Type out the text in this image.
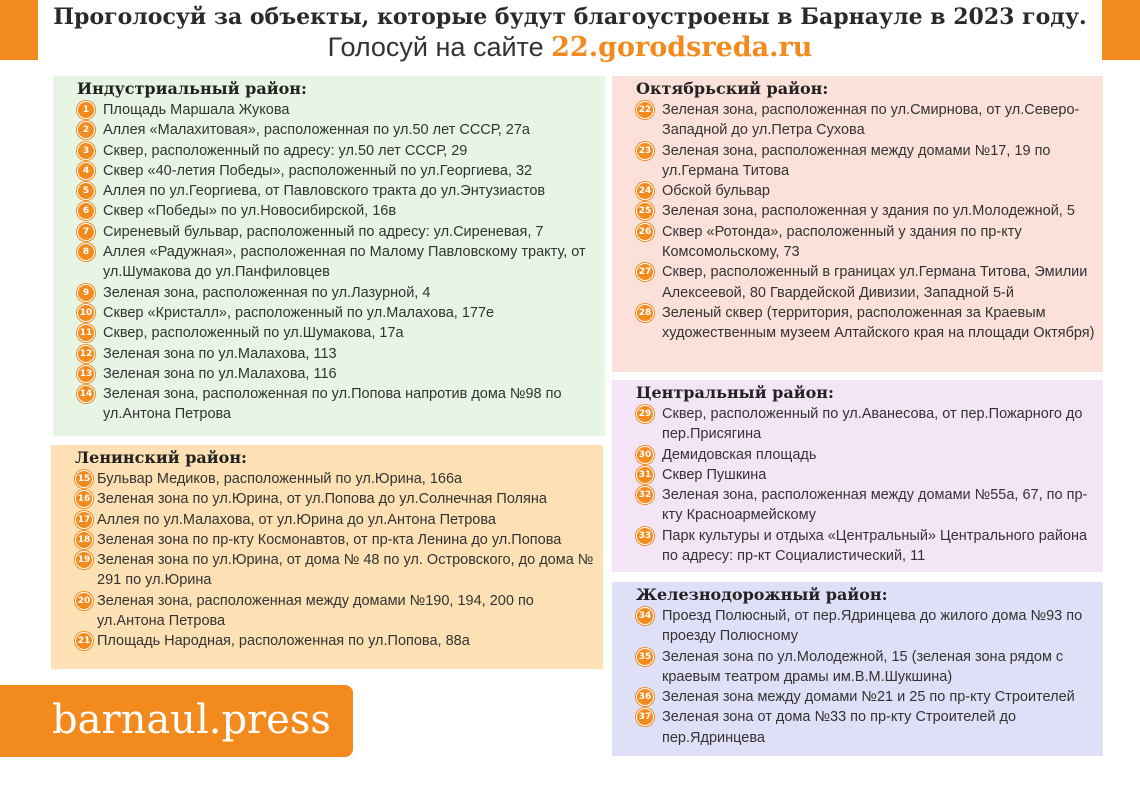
Проголосуй за объекты, которые будут благоустроены в Барнауле в 2023 году.
Голосуй на сайте 22.gorodsreda.ru
Индустриальный район:
1 Площадь Маршала Жукова
2 Аллея «Малахитовая», расположенная по ул.50 лет СССР, 27а
3 Сквер, расположенный по адресу: ул.50 лет СССР, 29
4 Сквер «40-летия Победы», расположенный по ул.Георгиева, 32
5 Аллея по ул.Георгиева, от Павловского тракта до ул.Энтузиастов
6 Сквер «Победы» по ул.Новосибирской, 16в
7 Сиреневый бульвар, расположенный по адресу: ул.Сиреневая, 7
8 Аллея «Радужная», расположенная по Малому Павловскому тракту, от ул.Шумакова до ул.Панфиловцев
9 Зеленая зона, расположенная по ул.Лазурной, 4
10 Сквер «Кристалл», расположенный по ул.Малахова, 177е
11 Сквер, расположенный по ул.Шумакова, 17а
12 Зеленая зона по ул.Малахова, 113
13 Зеленая зона по ул.Малахова, 116
14 Зеленая зона, расположенная по ул.Попова напротив дома №98 по ул.Антона Петрова
Ленинский район:
15 Бульвар Медиков, расположенный по ул.Юрина, 166а
16 Зеленая зона по ул.Юрина, от ул.Попова до ул.Солнечная Поляна
17 Аллея по ул.Малахова, от ул.Юрина до ул.Антона Петрова
18 Зеленая зона по пр-кту Космонавтов, от пр-кта Ленина до ул.Попова
19 Зеленая зона по ул.Юрина, от дома № 48 по ул. Островского, до дома № 291 по ул.Юрина
20 Зеленая зона, расположенная между домами №190, 194, 200 по ул.Антона Петрова
21 Площадь Народная, расположенная по ул.Попова, 88а
Октябрьский район:
22 Зеленая зона, расположенная по ул.Смирнова, от ул.Северо-Западной до ул.Петра Сухова
23 Зеленая зона, расположенная между домами №17, 19 по ул.Германа Титова
24 Обской бульвар
25 Зеленая зона, расположенная у здания по ул.Молодежной, 5
26 Сквер «Ротонда», расположенный у здания по пр-кту Комсомольскому, 73
27 Сквер, расположенный в границах ул.Германа Титова, Эмилии Алексеевой, 80 Гвардейской Дивизии, Западной 5-й
28 Зеленый сквер (территория, расположенная за Краевым художественным музеем Алтайского края на площади Октября)
Центральный район:
29 Сквер, расположенный по ул.Аванесова, от пер.Пожарного до пер.Присягина
30 Демидовская площадь
31 Сквер Пушкина
32 Зеленая зона, расположенная между домами №55а, 67, по пр-кту Красноармейскому
33 Парк культуры и отдыха «Центральный» Центрального района по адресу: пр-кт Социалистический, 11
Железнодорожный район:
34 Проезд Полюсный, от пер.Ядринцева до жилого дома №93 по проезду Полюсному
35 Зеленая зона по ул.Молодежной, 15 (зеленая зона рядом с краевым театром драмы им.В.М.Шукшина)
36 Зеленая зона между домами №21 и 25 по пр-кту Строителей
37 Зеленая зона от дома №33 по пр-кту Строителей до пер.Ядринцева
barnaul.press
